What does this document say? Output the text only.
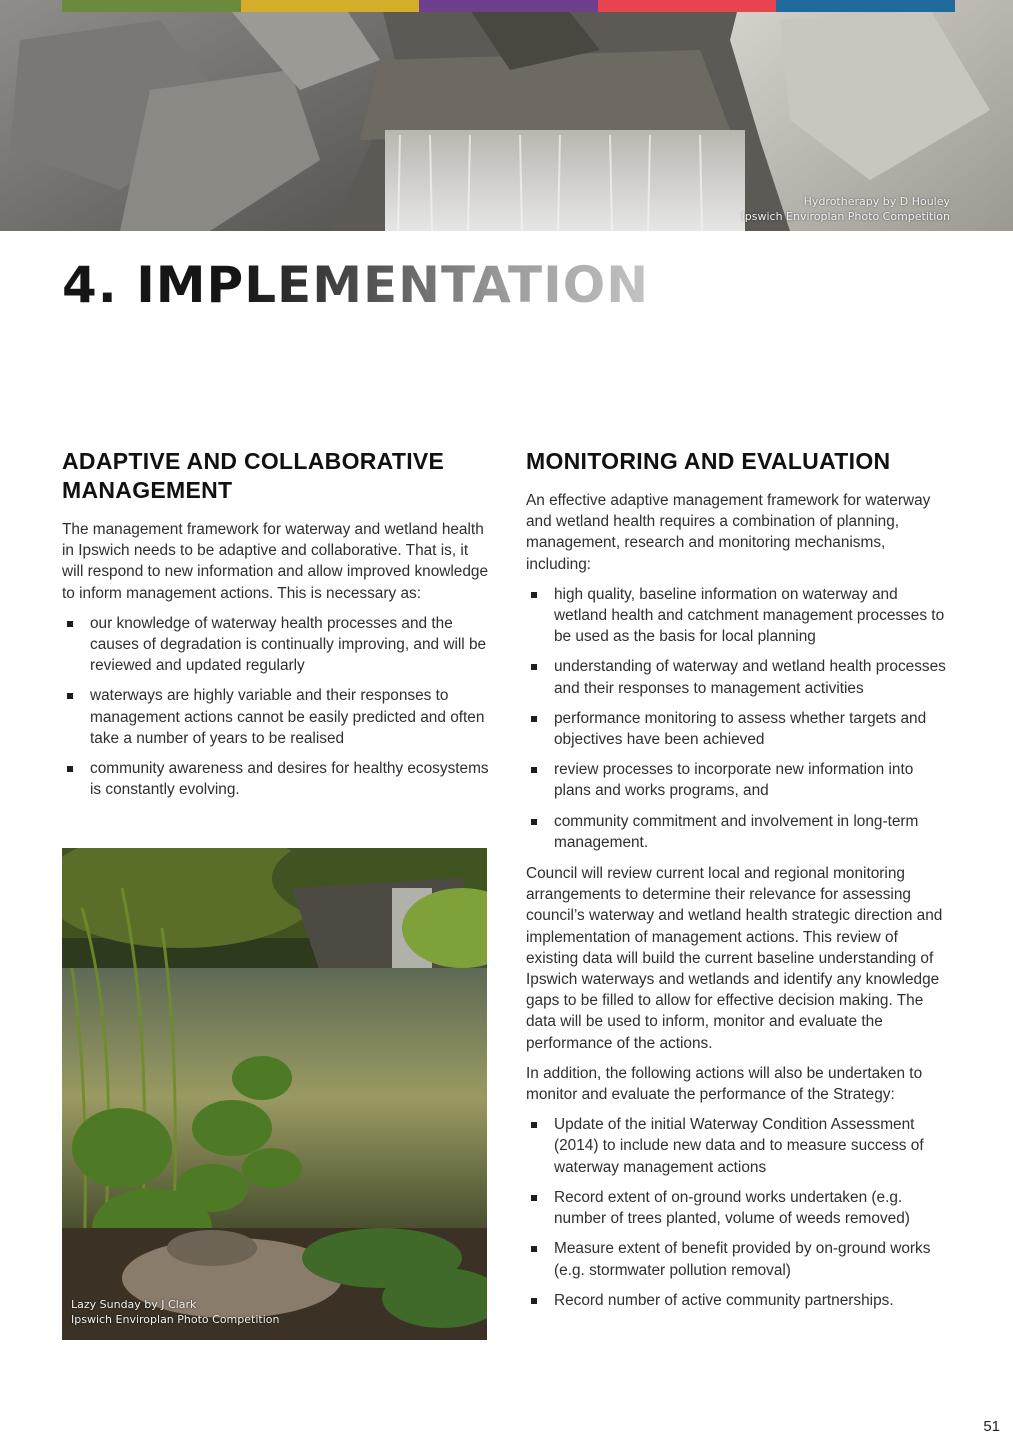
Hydrotherapy by D Houley
Ipswich Enviroplan Photo Competition
4. IMPLEMENTATION
ADAPTIVE AND COLLABORATIVE MANAGEMENT

The management framework for waterway and wetland health in Ipswich needs to be adaptive and collaborative. That is, it will respond to new information and allow improved knowledge to inform management actions. This is necessary as:

our knowledge of waterway health processes and the causes of degradation is continually improving, and will be reviewed and updated regularly
waterways are highly variable and their responses to management actions cannot be easily predicted and often take a number of years to be realised
community awareness and desires for healthy ecosystems is constantly evolving.
Lazy Sunday by J Clark
Ipswich Enviroplan Photo Competition
MONITORING AND EVALUATION

An effective adaptive management framework for waterway and wetland health requires a combination of planning, management, research and monitoring mechanisms, including:

high quality, baseline information on waterway and wetland health and catchment management processes to be used as the basis for local planning
understanding of waterway and wetland health processes and their responses to management activities
performance monitoring to assess whether targets and objectives have been achieved
review processes to incorporate new information into plans and works programs, and
community commitment and involvement in long-term management.

Council will review current local and regional monitoring arrangements to determine their relevance for assessing council’s waterway and wetland health strategic direction and implementation of management actions. This review of existing data will build the current baseline understanding of Ipswich waterways and wetlands and identify any knowledge gaps to be filled to allow for effective decision making. The data will be used to inform, monitor and evaluate the performance of the actions.

In addition, the following actions will also be undertaken to monitor and evaluate the performance of the Strategy:

Update of the initial Waterway Condition Assessment (2014) to include new data and to measure success of waterway management actions
Record extent of on-ground works undertaken (e.g. number of trees planted, volume of weeds removed)
Measure extent of benefit provided by on-ground works (e.g. stormwater pollution removal)
Record number of active community partnerships.
51
